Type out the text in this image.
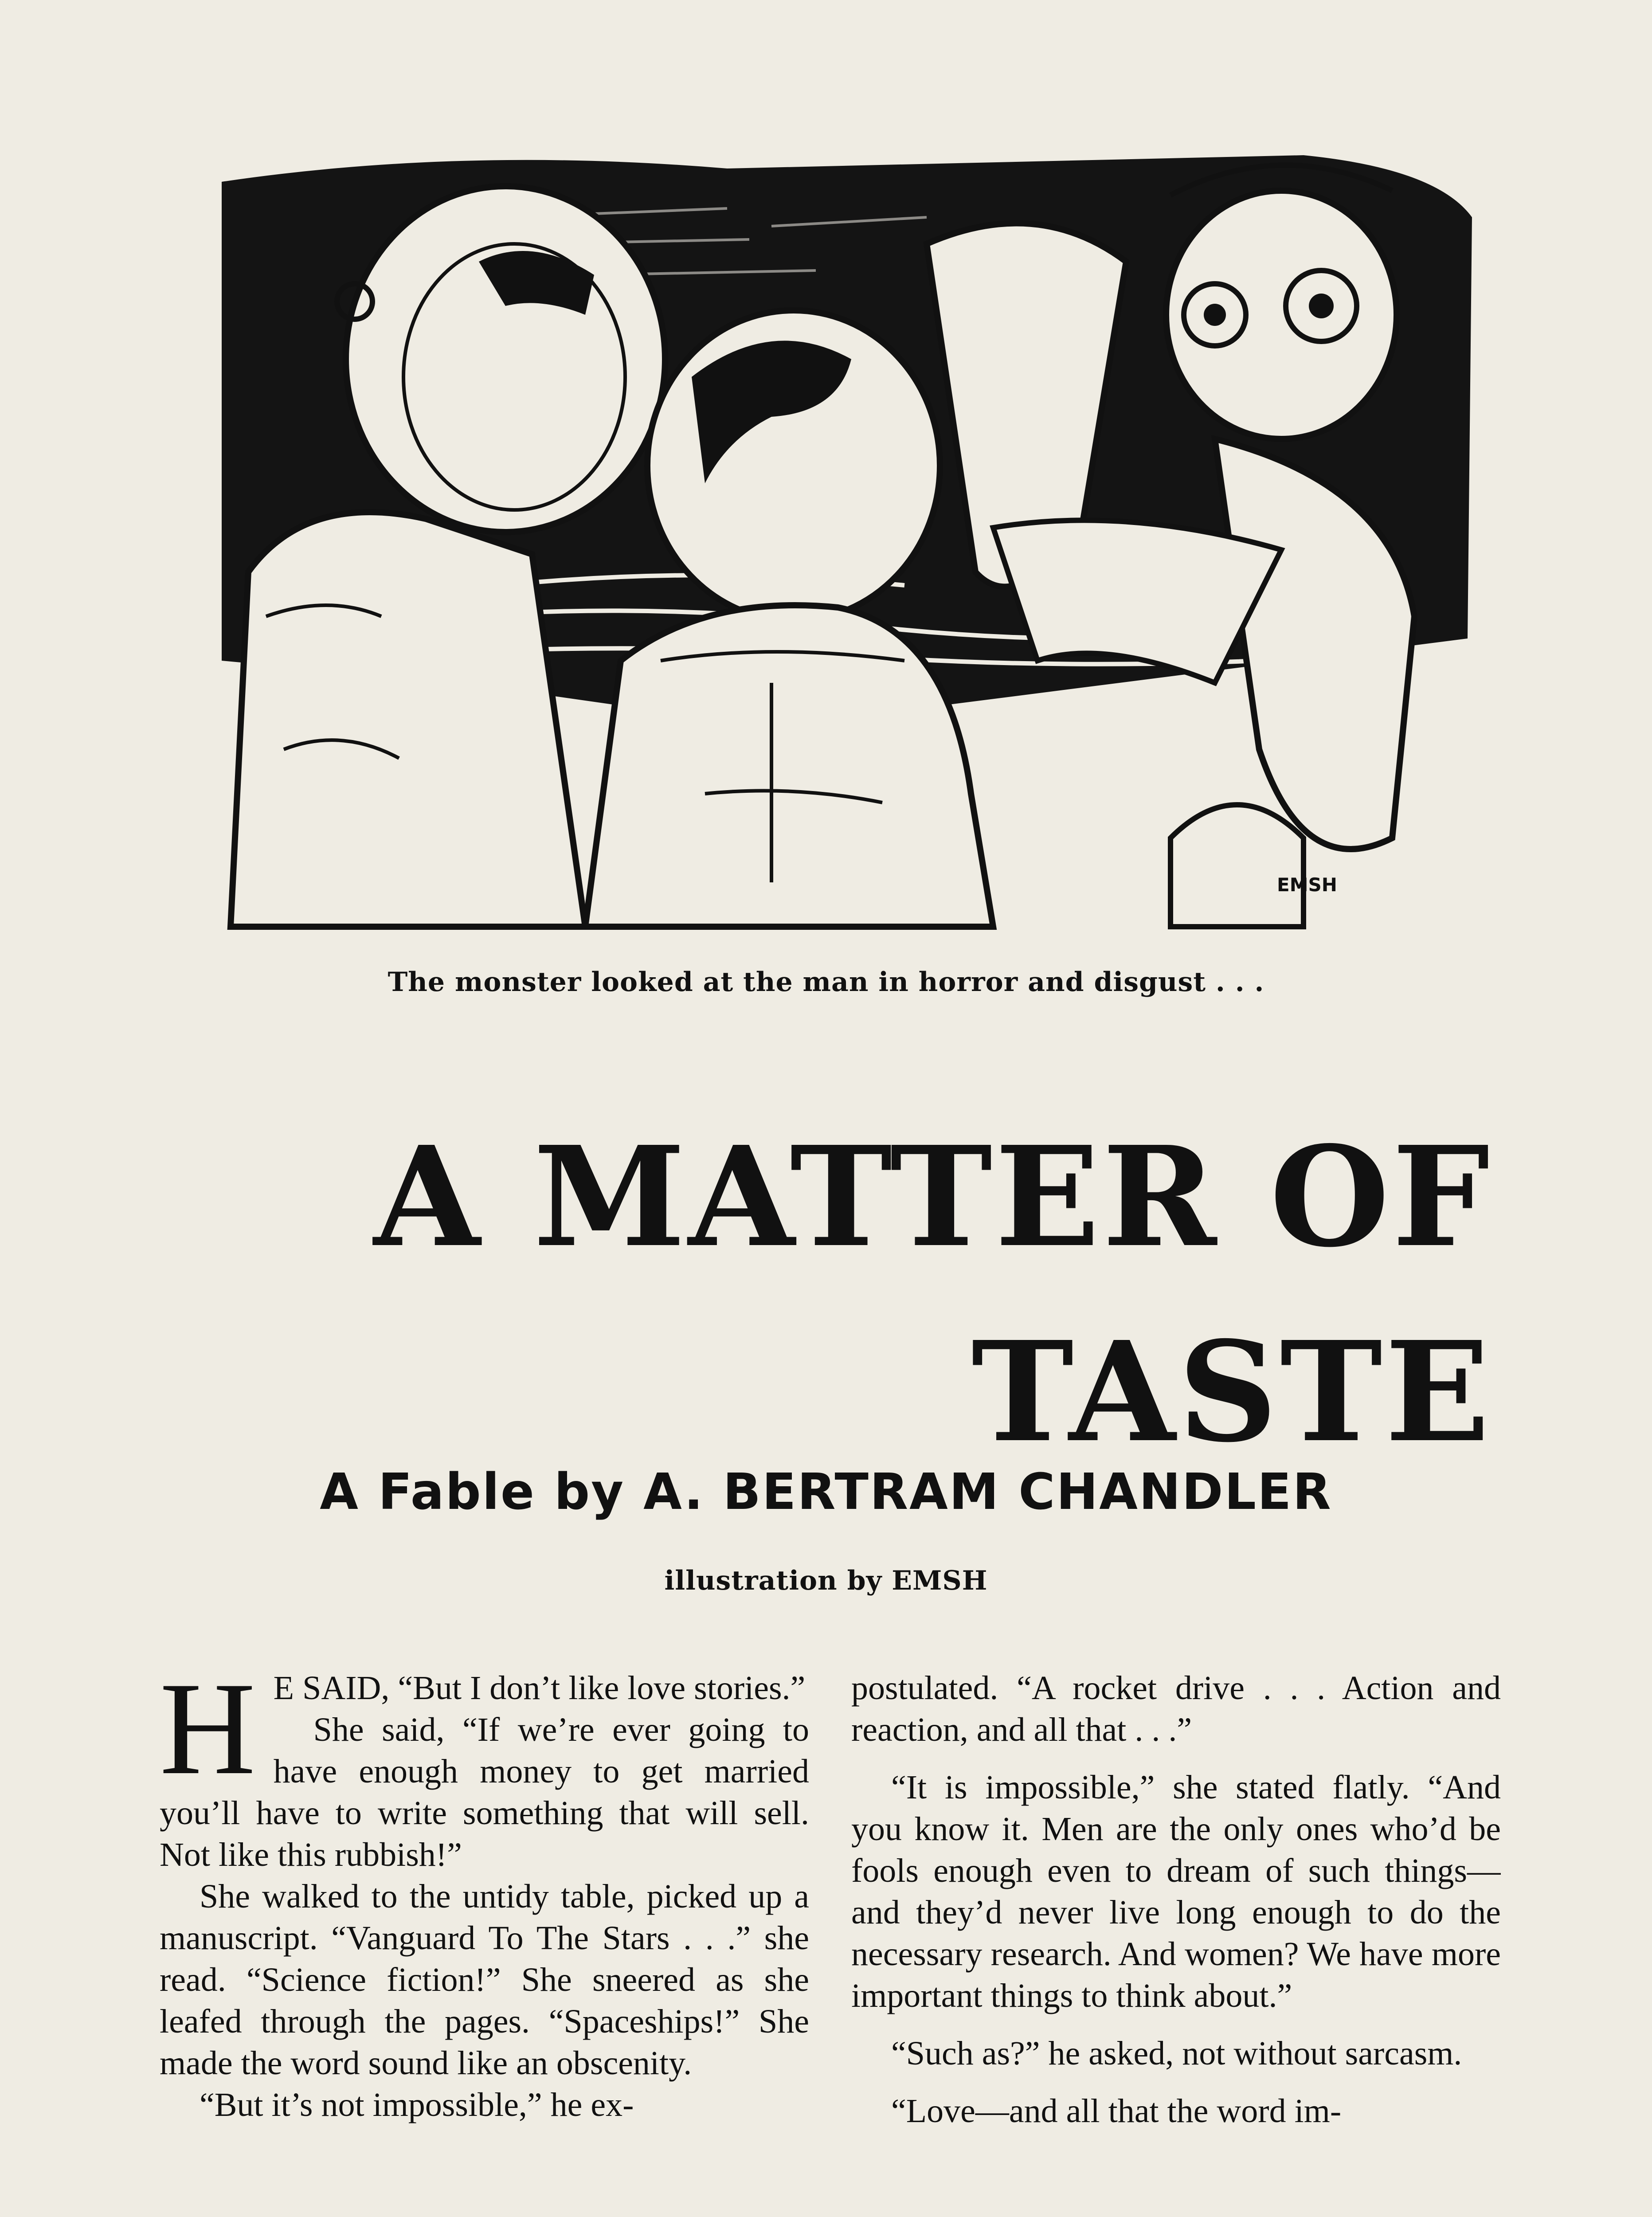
EMSH
The monster looked at the man in horror and disgust . . .
A MATTER OF
TASTE
A Fable by A. BERTRAM CHANDLER
illustration by EMSH

H E SAID, “But I don’t like love stories.”

She said, “If we’re ever going to have enough money to get married you’ll have to write something that will sell. Not like this rubbish!”

She walked to the untidy table, picked up a manuscript. “Vanguard To The Stars . . .” she read. “Science fiction!” She sneered as she leafed through the pages. “Spaceships!” She made the word sound like an obscenity.

“But it’s not impossible,” he ex-

postulated. “A rocket drive . . . Action and reaction, and all that . . .”

“It is impossible,” she stated flatly. “And you know it. Men are the only ones who’d be fools enough even to dream of such things—and they’d never live long enough to do the necessary research. And women? We have more important things to think about.”

“Such as?” he asked, not without sarcasm.

“Love—and all that the word im-
